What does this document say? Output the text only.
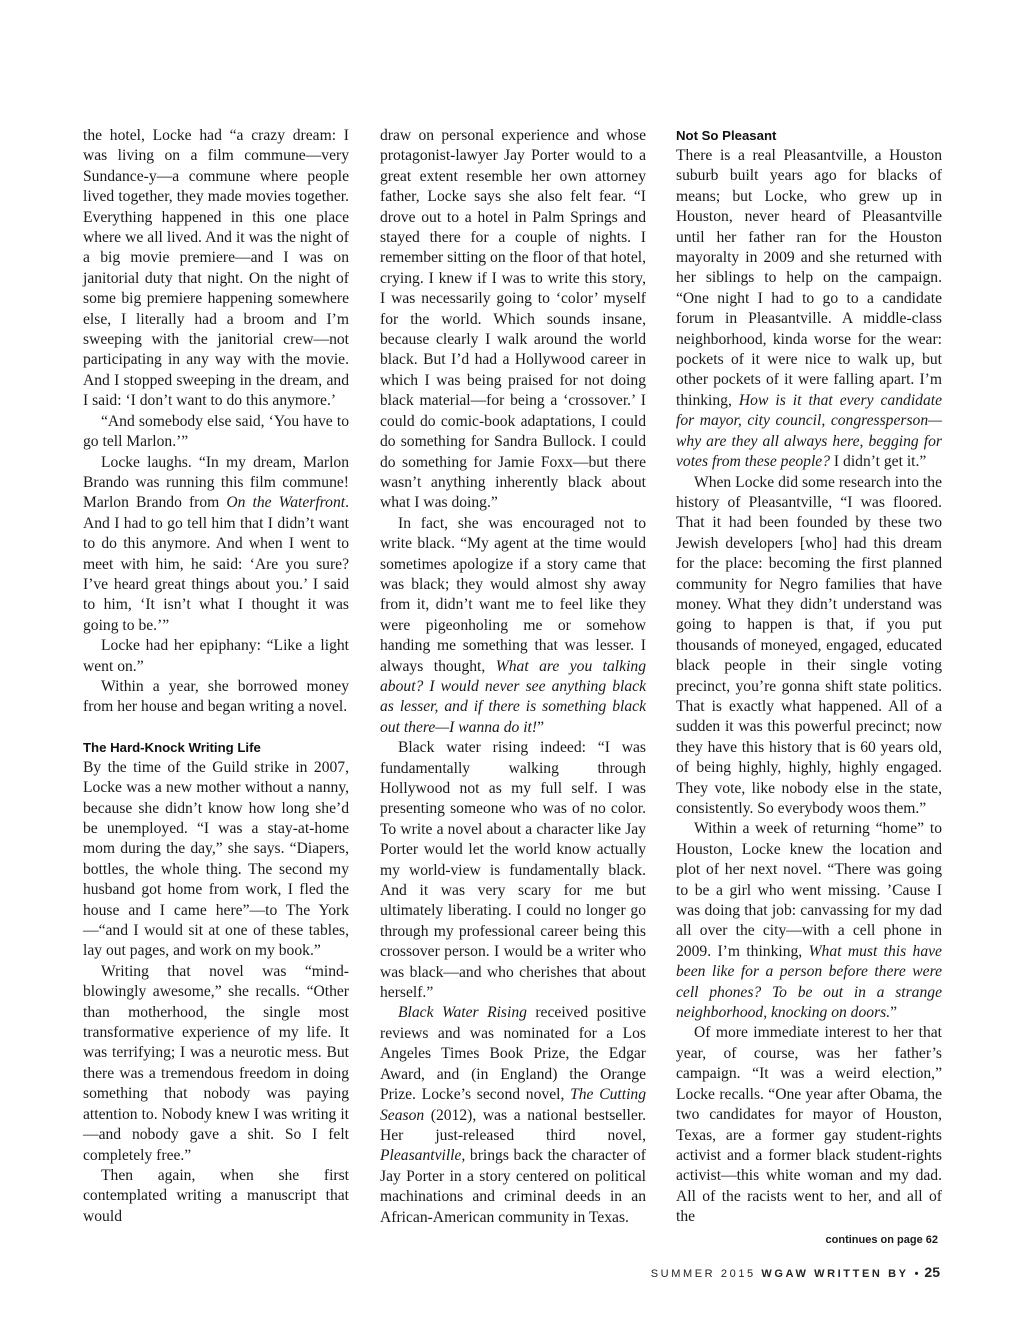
the hotel, Locke had “a crazy dream: I was living on a film commune—very Sundance-y—a commune where people lived together, they made movies together. Everything happened in this one place where we all lived. And it was the night of a big movie premiere—and I was on janitorial duty that night. On the night of some big premiere happening somewhere else, I literally had a broom and I’m sweeping with the janitorial crew—not participating in any way with the movie. And I stopped sweeping in the dream, and I said: ‘I don’t want to do this anymore.’

“And somebody else said, ‘You have to go tell Marlon.’”

Locke laughs. “In my dream, Marlon Brando was running this film commune! Marlon Brando from On the Waterfront. And I had to go tell him that I didn’t want to do this anymore. And when I went to meet with him, he said: ‘Are you sure? I’ve heard great things about you.’ I said to him, ‘It isn’t what I thought it was going to be.’”

Locke had her epiphany: “Like a light went on.”

Within a year, she borrowed money from her house and began writing a novel.

The Hard-Knock Writing Life

By the time of the Guild strike in 2007, Locke was a new mother without a nanny, because she didn’t know how long she’d be unemployed. “I was a stay-at-home mom during the day,” she says. “Diapers, bottles, the whole thing. The second my husband got home from work, I fled the house and I came here”—to The York—“and I would sit at one of these tables, lay out pages, and work on my book.”

Writing that novel was “mind-blowingly awesome,” she recalls. “Other than motherhood, the single most transformative experience of my life. It was terrifying; I was a neurotic mess. But there was a tremendous freedom in doing something that nobody was paying attention to. Nobody knew I was writing it—and nobody gave a shit. So I felt completely free.”

Then again, when she first contemplated writing a manuscript that would

draw on personal experience and whose protagonist-lawyer Jay Porter would to a great extent resemble her own attorney father, Locke says she also felt fear. “I drove out to a hotel in Palm Springs and stayed there for a couple of nights. I remember sitting on the floor of that hotel, crying. I knew if I was to write this story, I was necessarily going to ‘color’ myself for the world. Which sounds insane, because clearly I walk around the world black. But I’d had a Hollywood career in which I was being praised for not doing black material—for being a ‘crossover.’ I could do comic-book adaptations, I could do something for Sandra Bullock. I could do something for Jamie Foxx—but there wasn’t anything inherently black about what I was doing.”

In fact, she was encouraged not to write black. “My agent at the time would sometimes apologize if a story came that was black; they would almost shy away from it, didn’t want me to feel like they were pigeonholing me or somehow handing me something that was lesser. I always thought, What are you talking about? I would never see anything black as lesser, and if there is something black out there—I wanna do it!”

Black water rising indeed: “I was fundamentally walking through Hollywood not as my full self. I was presenting someone who was of no color. To write a novel about a character like Jay Porter would let the world know actually my world-view is fundamentally black. And it was very scary for me but ultimately liberating. I could no longer go through my professional career being this crossover person. I would be a writer who was black—and who cherishes that about herself.”

Black Water Rising received positive reviews and was nominated for a Los Angeles Times Book Prize, the Edgar Award, and (in England) the Orange Prize. Locke’s second novel, The Cutting Season (2012), was a national bestseller. Her just-released third novel, Pleasantville, brings back the character of Jay Porter in a story centered on political machinations and criminal deeds in an African-American community in Texas.

Not So Pleasant

There is a real Pleasantville, a Houston suburb built years ago for blacks of means; but Locke, who grew up in Houston, never heard of Pleasantville until her father ran for the Houston mayoralty in 2009 and she returned with her siblings to help on the campaign. “One night I had to go to a candidate forum in Pleasantville. A middle-class neighborhood, kinda worse for the wear: pockets of it were nice to walk up, but other pockets of it were falling apart. I’m thinking, How is it that every candidate for mayor, city council, congressperson—why are they all always here, begging for votes from these people? I didn’t get it.”

When Locke did some research into the history of Pleasantville, “I was floored. That it had been founded by these two Jewish developers [who] had this dream for the place: becoming the first planned community for Negro families that have money. What they didn’t understand was going to happen is that, if you put thousands of moneyed, engaged, educated black people in their single voting precinct, you’re gonna shift state politics. That is exactly what happened. All of a sudden it was this powerful precinct; now they have this history that is 60 years old, of being highly, highly, highly engaged. They vote, like nobody else in the state, consistently. So everybody woos them.”

Within a week of returning “home” to Houston, Locke knew the location and plot of her next novel. “There was going to be a girl who went missing. ’Cause I was doing that job: canvassing for my dad all over the city—with a cell phone in 2009. I’m thinking, What must this have been like for a person before there were cell phones? To be out in a strange neighborhood, knocking on doors.”

Of more immediate interest to her that year, of course, was her father’s campaign. “It was a weird election,” Locke recalls. “One year after Obama, the two candidates for mayor of Houston, Texas, are a former gay student-rights activist and a former black student-rights activist—this white woman and my dad. All of the racists went to her, and all of the

continues on page 62
SUMMER 2015 WGAW WRITTEN BY • 25
